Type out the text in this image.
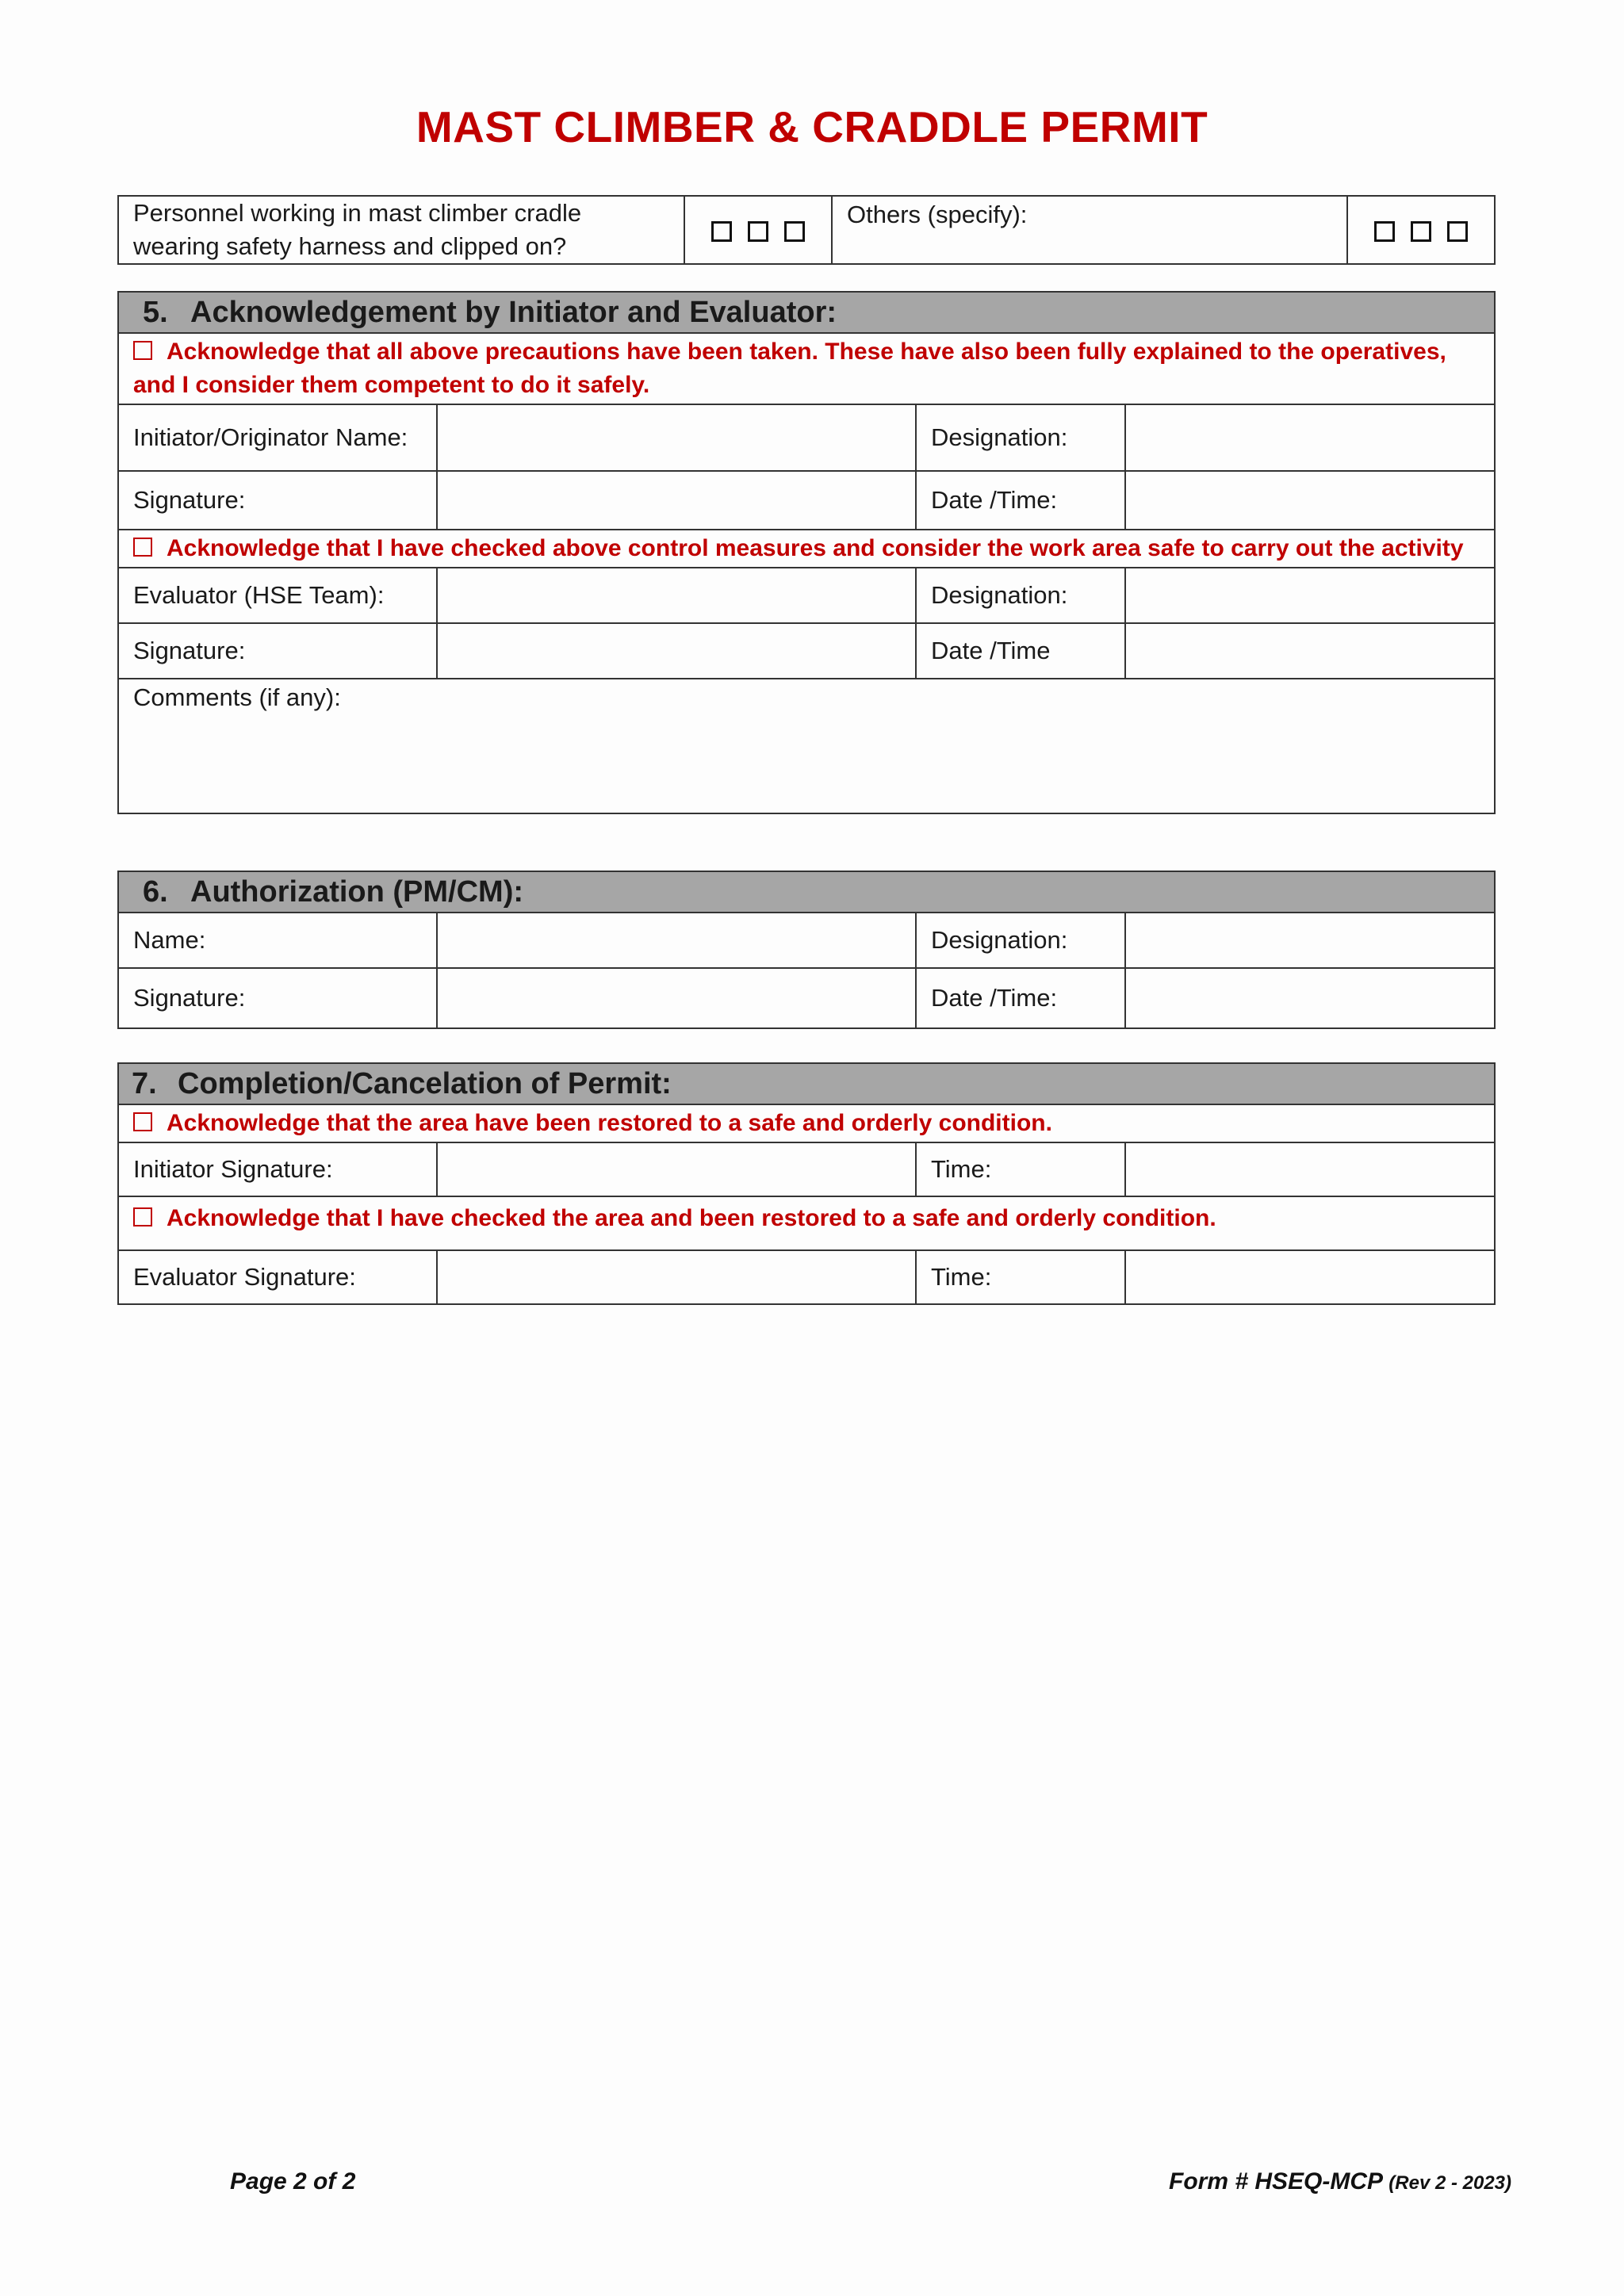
MAST CLIMBER & CRADDLE PERMIT
Personnel working in mast climber cradle wearing safety harness and clipped on?		Others (specify):	
5. Acknowledgement by Initiator and Evaluator:			
Acknowledge that all above precautions have been taken. These have also been fully explained to the operatives, and I consider them competent to do it safely.			
Initiator/Originator Name:		Designation:	
Signature:		Date /Time:	
Acknowledge that I have checked above control measures and consider the work area safe to carry out the activity			
Evaluator (HSE Team):		Designation:	
Signature:		Date /Time	
Comments (if any):			
6. Authorization (PM/CM):			
Name:		Designation:	
Signature:		Date /Time:	
7. Completion/Cancelation of Permit:			
Acknowledge that the area have been restored to a safe and orderly condition.			
Initiator Signature:		Time:	
Acknowledge that I have checked the area and been restored to a safe and orderly condition.			
Evaluator Signature:		Time:	
Page 2 of 2	Form # HSEQ-MCP (Rev 2 - 2023)
